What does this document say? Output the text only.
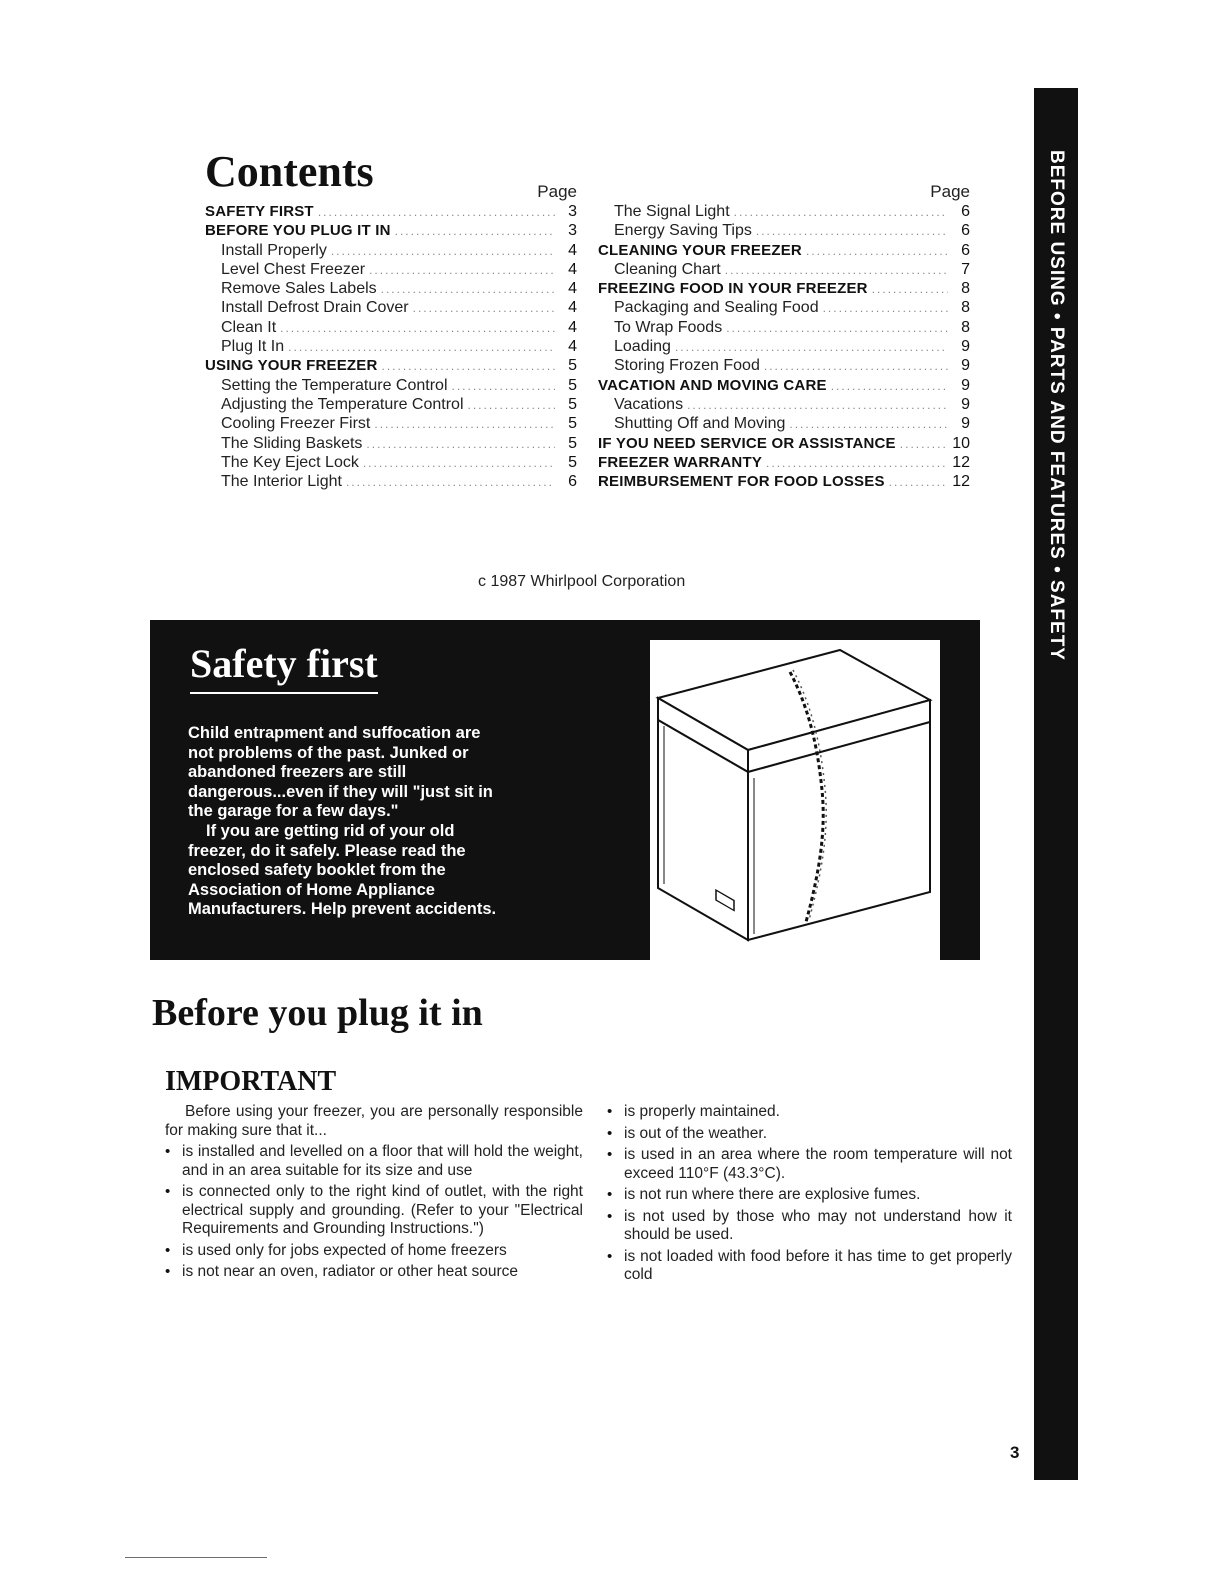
BEFORE USING • PARTS AND FEATURES • SAFETY
Contents	Page
SAFETY FIRST .....	3
BEFORE YOU PLUG IT IN .....	3
Install Properly .....	4
Level Chest Freezer .....	4
Remove Sales Labels .....	4
Install Defrost Drain Cover .....	4
Clean It .....	4
Plug It In .....	4
USING YOUR FREEZER .....	5
Setting the Temperature Control .....	5
Adjusting the Temperature Control .....	5
Cooling Freezer First .....	5
The Sliding Baskets .....	5
The Key Eject Lock .....	5
The Interior Light .....	6
Page
The Signal Light .....	6
Energy Saving Tips .....	6
CLEANING YOUR FREEZER .....	6
Cleaning Chart .....	7
FREEZING FOOD IN YOUR FREEZER .....	8
Packaging and Sealing Food .....	8
To Wrap Foods .....	8
Loading .....	9
Storing Frozen Food .....	9
VACATION AND MOVING CARE .....	9
Vacations .....	9
Shutting Off and Moving .....	9
IF YOU NEED SERVICE OR ASSISTANCE .....	10
FREEZER WARRANTY .....	12
REIMBURSEMENT FOR FOOD LOSSES .....	12
c 1987 Whirlpool Corporation
Safety first

Child entrapment and suffocation are not problems of the past. Junked or abandoned freezers are still dangerous...even if they will "just sit in the garage for a few days."

If you are getting rid of your old freezer, do it safely. Please read the enclosed safety booklet from the Association of Home Appliance Manufacturers. Help prevent accidents.

Before you plug it in
IMPORTANT

Before using your freezer, you are personally responsible for making sure that it...

• is installed and levelled on a floor that will hold the weight, and in an area suitable for its size and use

• is connected only to the right kind of outlet, with the right electrical supply and grounding. (Refer to your "Electrical Requirements and Grounding Instructions.")

• is used only for jobs expected of home freezers

• is not near an oven, radiator or other heat source

• is properly maintained.

• is out of the weather.

• is used in an area where the room temperature will not exceed 110°F (43.3°C).

• is not run where there are explosive fumes.

• is not used by those who may not understand how it should be used.

• is not loaded with food before it has time to get properly cold

3
